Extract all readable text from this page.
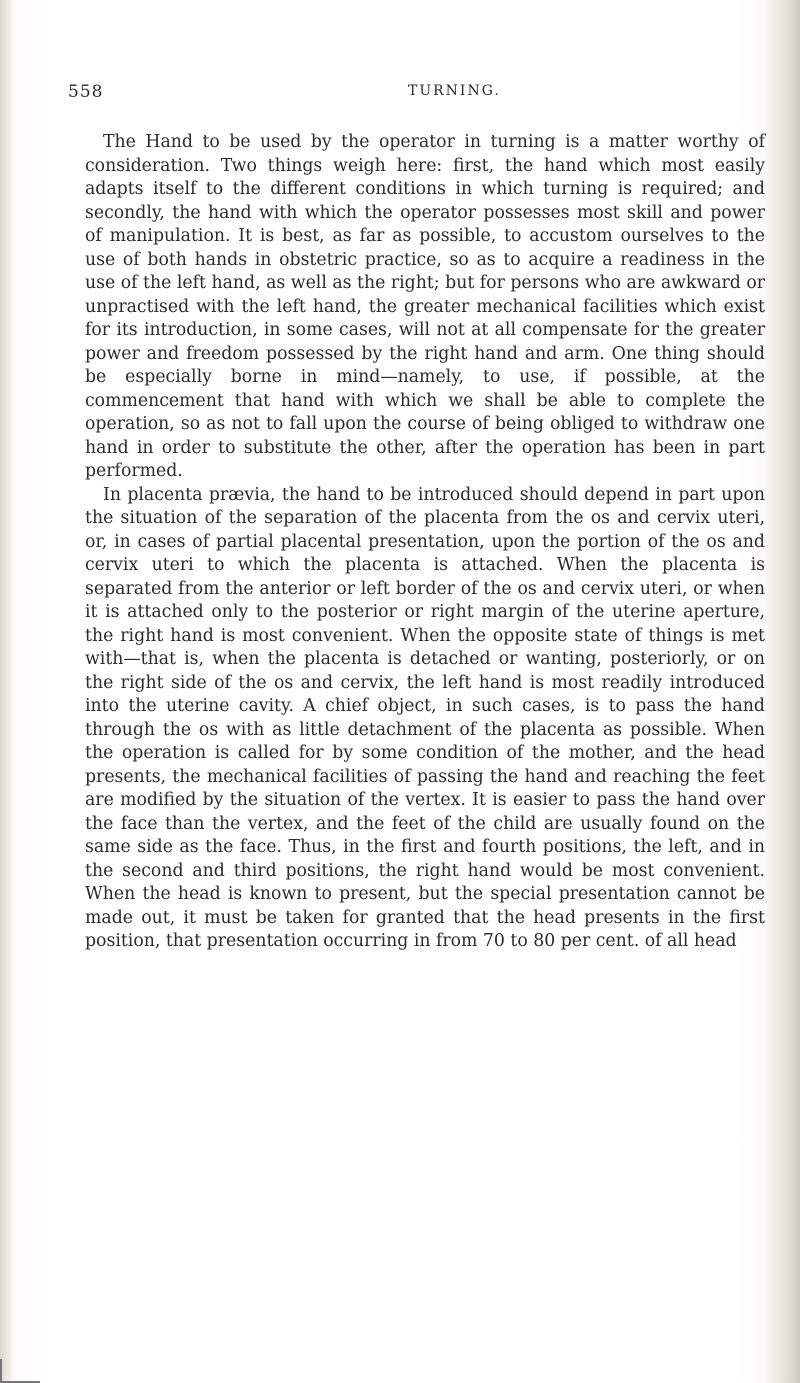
558	TURNING.

The Hand to be used by the operator in turning is a matter worthy of consideration. Two things weigh here: first, the hand which most easily adapts itself to the different conditions in which turning is required; and secondly, the hand with which the operator possesses most skill and power of manipulation. It is best, as far as possible, to accustom ourselves to the use of both hands in obstetric practice, so as to acquire a readiness in the use of the left hand, as well as the right; but for persons who are awkward or unpractised with the left hand, the greater mechanical facilities which exist for its introduction, in some cases, will not at all compensate for the greater power and freedom possessed by the right hand and arm. One thing should be especially borne in mind—namely, to use, if possible, at the commencement that hand with which we shall be able to complete the operation, so as not to fall upon the course of being obliged to withdraw one hand in order to substitute the other, after the operation has been in part performed.

In placenta prævia, the hand to be introduced should depend in part upon the situation of the separation of the placenta from the os and cervix uteri, or, in cases of partial placental presentation, upon the portion of the os and cervix uteri to which the placenta is attached. When the placenta is separated from the anterior or left border of the os and cervix uteri, or when it is attached only to the posterior or right margin of the uterine aperture, the right hand is most convenient. When the opposite state of things is met with—that is, when the placenta is detached or wanting, posteriorly, or on the right side of the os and cervix, the left hand is most readily introduced into the uterine cavity. A chief object, in such cases, is to pass the hand through the os with as little detachment of the placenta as possible. When the operation is called for by some condition of the mother, and the head presents, the mechanical facilities of passing the hand and reaching the feet are modified by the situation of the vertex. It is easier to pass the hand over the face than the vertex, and the feet of the child are usually found on the same side as the face. Thus, in the first and fourth positions, the left, and in the second and third positions, the right hand would be most convenient. When the head is known to present, but the special presentation cannot be made out, it must be taken for granted that the head presents in the first position, that presentation occurring in from 70 to 80 per cent. of all head
